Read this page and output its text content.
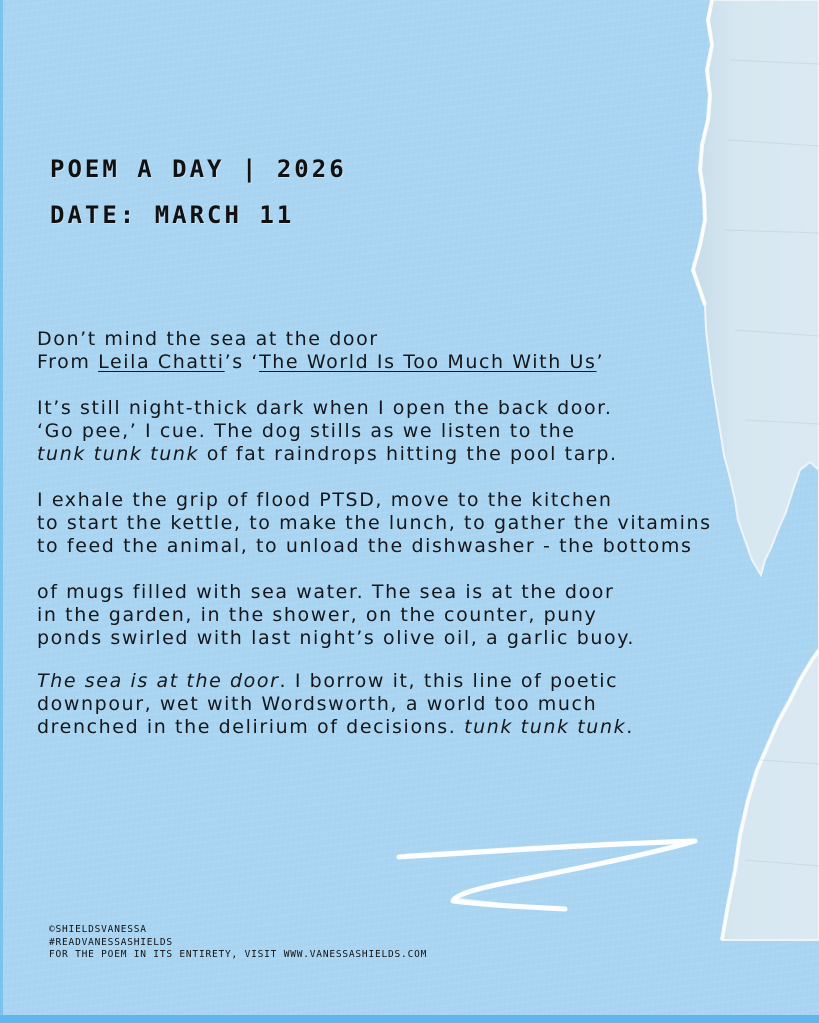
POEM A DAY | 2026
DATE: MARCH 11
Don’t mind the sea at the door
From Leila Chatti’s ‘The World Is Too Much With Us’
It’s still night-thick dark when I open the back door.
‘Go pee,’ I cue. The dog stills as we listen to the
tunk tunk tunk of fat raindrops hitting the pool tarp.
I exhale the grip of flood PTSD, move to the kitchen
to start the kettle, to make the lunch, to gather the vitamins
to feed the animal, to unload the dishwasher - the bottoms
of mugs filled with sea water. The sea is at the door
in the garden, in the shower, on the counter, puny
ponds swirled with last night’s olive oil, a garlic buoy.
The sea is at the door. I borrow it, this line of poetic
downpour, wet with Wordsworth, a world too much
drenched in the delirium of decisions. tunk tunk tunk.
©SHIELDSVANESSA
#READVANESSASHIELDS
FOR THE POEM IN ITS ENTIRETY, VISIT WWW.VANESSASHIELDS.COM
